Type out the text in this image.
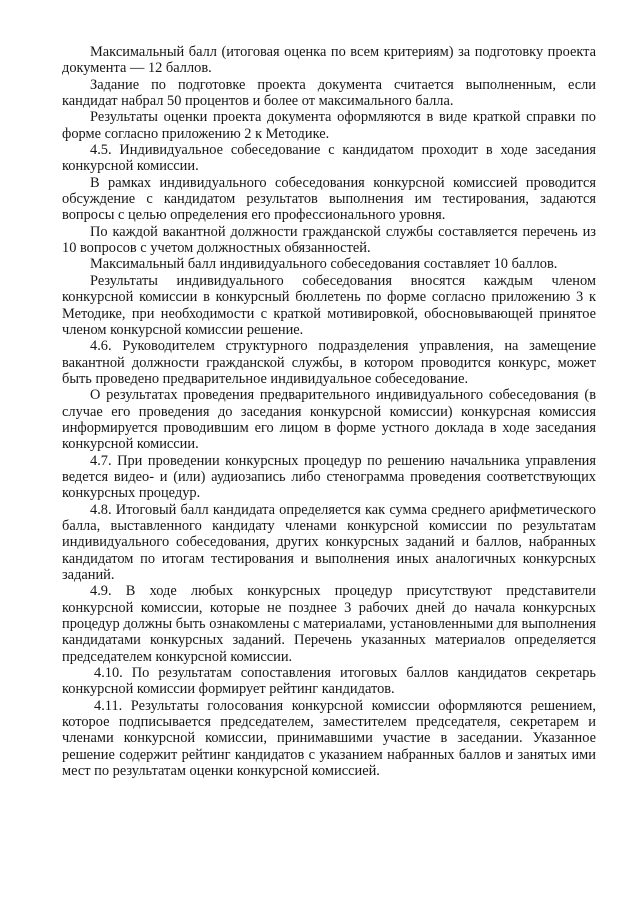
Максимальный балл (итоговая оценка по всем критериям) за подготовку проекта документа — 12 баллов.

Задание по подготовке проекта документа считается выполненным, если кандидат набрал 50 процентов и более от максимального балла.

Результаты оценки проекта документа оформляются в виде краткой справки по форме согласно приложению 2 к Методике.

4.5. Индивидуальное собеседование с кандидатом проходит в ходе заседания конкурсной комиссии.

В рамках индивидуального собеседования конкурсной комиссией проводится обсуждение с кандидатом результатов выполнения им тестирования, задаются вопросы с целью определения его профессионального уровня.

По каждой вакантной должности гражданской службы составляется перечень из 10 вопросов с учетом должностных обязанностей.

Максимальный балл индивидуального собеседования составляет 10 баллов.

Результаты индивидуального собеседования вносятся каждым членом конкурсной комиссии в конкурсный бюллетень по форме согласно приложению 3 к Методике, при необходимости с краткой мотивировкой, обосновывающей принятое членом конкурсной комиссии решение.

4.6. Руководителем структурного подразделения управления, на замещение вакантной должности гражданской службы, в котором проводится конкурс, может быть проведено предварительное индивидуальное собеседование.

О результатах проведения предварительного индивидуального собеседования (в случае его проведения до заседания конкурсной комиссии) конкурсная комиссия информируется проводившим его лицом в форме устного доклада в ходе заседания конкурсной комиссии.

4.7. При проведении конкурсных процедур по решению начальника управления ведется видео- и (или) аудиозапись либо стенограмма проведения соответствующих конкурсных процедур.

4.8. Итоговый балл кандидата определяется как сумма среднего арифметического балла, выставленного кандидату членами конкурсной комиссии по результатам индивидуального собеседования, других конкурсных заданий и баллов, набранных кандидатом по итогам тестирования и выполнения иных аналогичных конкурсных заданий.

4.9. В ходе любых конкурсных процедур присутствуют представители конкурсной комиссии, которые не позднее 3 рабочих дней до начала конкурсных процедур должны быть ознакомлены с материалами, установленными для выполнения кандидатами конкурсных заданий. Перечень указанных материалов определяется председателем конкурсной комиссии.

4.10. По результатам сопоставления итоговых баллов кандидатов секретарь конкурсной комиссии формирует рейтинг кандидатов.

4.11. Результаты голосования конкурсной комиссии оформляются решением, которое подписывается председателем, заместителем председателя, секретарем и членами конкурсной комиссии, принимавшими участие в заседании. Указанное решение содержит рейтинг кандидатов с указанием набранных баллов и занятых ими мест по результатам оценки конкурсной комиссией.
